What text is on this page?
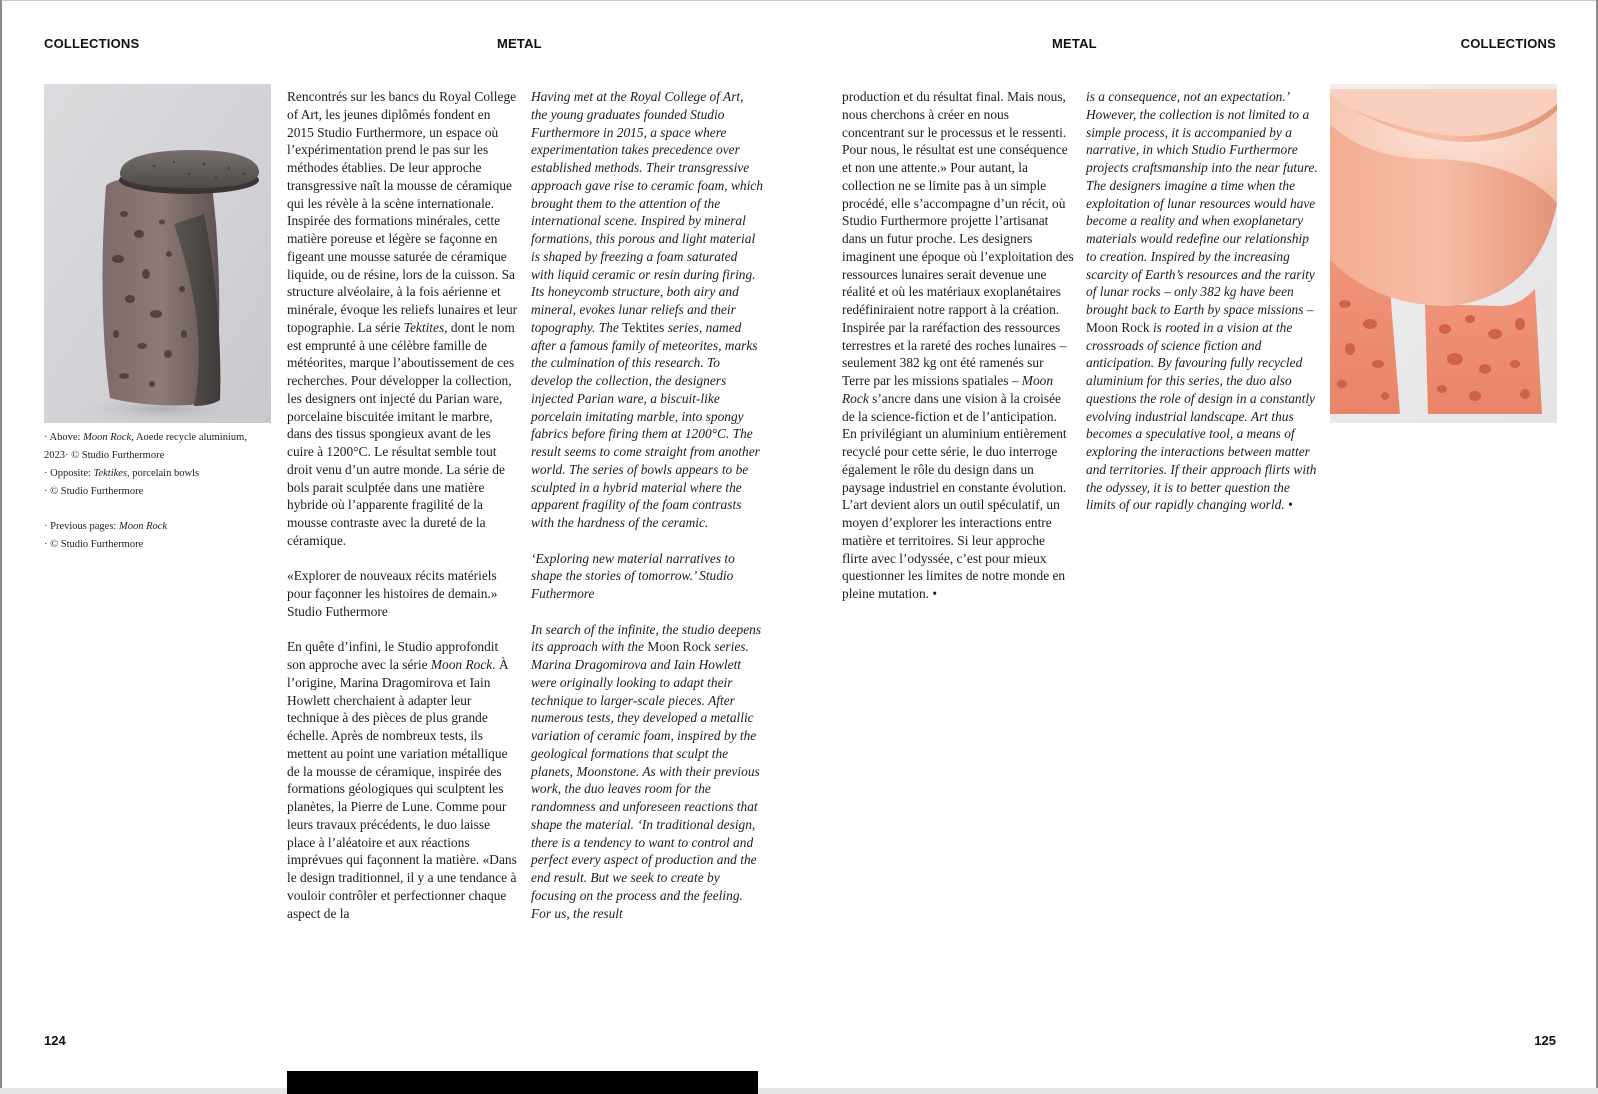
COLLECTIONS	METAL	METAL	COLLECTIONS

· Above: Moon Rock, Aoede recycle aluminium,

2023· © Studio Furthermore

· Opposite: Tektikes, porcelain bowls

· © Studio Furthermore

· Previous pages: Moon Rock

· © Studio Furthermore

Rencontrés sur les bancs du Royal College of Art, les jeunes diplômés fondent en 2015 Studio Furthermore, un espace où l’expérimentation prend le pas sur les méthodes établies. De leur approche transgressive naît la mousse de céramique qui les révèle à la scène internationale. Inspirée des formations minérales, cette matière poreuse et légère se façonne en figeant une mousse saturée de céramique liquide, ou de résine, lors de la cuisson. Sa structure alvéolaire, à la fois aérienne et minérale, évoque les reliefs lunaires et leur topographie. La série Tektites, dont le nom est emprunté à une célèbre famille de météorites, marque l’aboutissement de ces recherches. Pour développer la collection, les designers ont injecté du Parian ware, porcelaine biscuitée imitant le marbre, dans des tissus spongieux avant de les cuire à 1200°C. Le résultat semble tout droit venu d’un autre monde. La série de bols parait sculptée dans une matière hybride où l’apparente fragilité de la mousse contraste avec la dureté de la céramique.

«Explorer de nouveaux récits matériels pour façonner les histoires de demain.» Studio Futhermore

En quête d’infini, le Studio approfondit son approche avec la série Moon Rock. À l’origine, Marina Dragomirova et Iain Howlett cherchaient à adapter leur technique à des pièces de plus grande échelle. Après de nombreux tests, ils mettent au point une variation métallique de la mousse de céramique, inspirée des formations géologiques qui sculptent les planètes, la Pierre de Lune. Comme pour leurs travaux précédents, le duo laisse place à l’aléatoire et aux réactions imprévues qui façonnent la matière. «Dans le design traditionnel, il y a une tendance à vouloir contrôler et perfectionner chaque aspect de la

Having met at the Royal College of Art, the young graduates founded Studio Furthermore in 2015, a space where experimentation takes precedence over established methods. Their transgressive approach gave rise to ceramic foam, which brought them to the attention of the international scene. Inspired by mineral formations, this porous and light material is shaped by freezing a foam saturated with liquid ceramic or resin during firing. Its honeycomb structure, both airy and mineral, evokes lunar reliefs and their topography. The Tektites series, named after a famous family of meteorites, marks the culmination of this research. To develop the collection, the designers injected Parian ware, a biscuit-like porcelain imitating marble, into spongy fabrics before firing them at 1200°C. The result seems to come straight from another world. The series of bowls appears to be sculpted in a hybrid material where the apparent fragility of the foam contrasts with the hardness of the ceramic.

‘Exploring new material narratives to shape the stories of tomorrow.’ Studio Futhermore

In search of the infinite, the studio deepens its approach with the Moon Rock series. Marina Dragomirova and Iain Howlett were originally looking to adapt their technique to larger-scale pieces. After numerous tests, they developed a metallic variation of ceramic foam, inspired by the geological formations that sculpt the planets, Moonstone. As with their previous work, the duo leaves room for the randomness and unforeseen reactions that shape the material. ‘In traditional design, there is a tendency to want to control and perfect every aspect of production and the end result. But we seek to create by focusing on the process and the feeling. For us, the result

production et du résultat final. Mais nous, nous cherchons à créer en nous concentrant sur le processus et le ressenti. Pour nous, le résultat est une conséquence et non une attente.» Pour autant, la collection ne se limite pas à un simple procédé, elle s’accompagne d’un récit, où Studio Furthermore projette l’artisanat dans un futur proche. Les designers imaginent une époque où l’exploitation des ressources lunaires serait devenue une réalité et où les matériaux exoplanétaires redéfiniraient notre rapport à la création. Inspirée par la raréfaction des ressources terrestres et la rareté des roches lunaires – seulement 382 kg ont été ramenés sur Terre par les missions spatiales – Moon Rock s’ancre dans une vision à la croisée de la science-fiction et de l’anticipation. En privilégiant un aluminium entièrement recyclé pour cette série, le duo interroge également le rôle du design dans un paysage industriel en constante évolution. L’art devient alors un outil spéculatif, un moyen d’explorer les interactions entre matière et territoires. Si leur approche flirte avec l’odyssée, c’est pour mieux questionner les limites de notre monde en pleine mutation. •

is a consequence, not an expectation.’ However, the collection is not limited to a simple process, it is accompanied by a narrative, in which Studio Furthermore projects craftsmanship into the near future. The designers imagine a time when the exploitation of lunar resources would have become a reality and when exoplanetary materials would redefine our relationship to creation. Inspired by the increasing scarcity of Earth’s resources and the rarity of lunar rocks – only 382 kg have been brought back to Earth by space missions – Moon Rock is rooted in a vision at the crossroads of science fiction and anticipation. By favouring fully recycled aluminium for this series, the duo also questions the role of design in a constantly evolving industrial landscape. Art thus becomes a speculative tool, a means of exploring the interactions between matter and territories. If their approach flirts with the odyssey, it is to better question the limits of our rapidly changing world. •

124	125
